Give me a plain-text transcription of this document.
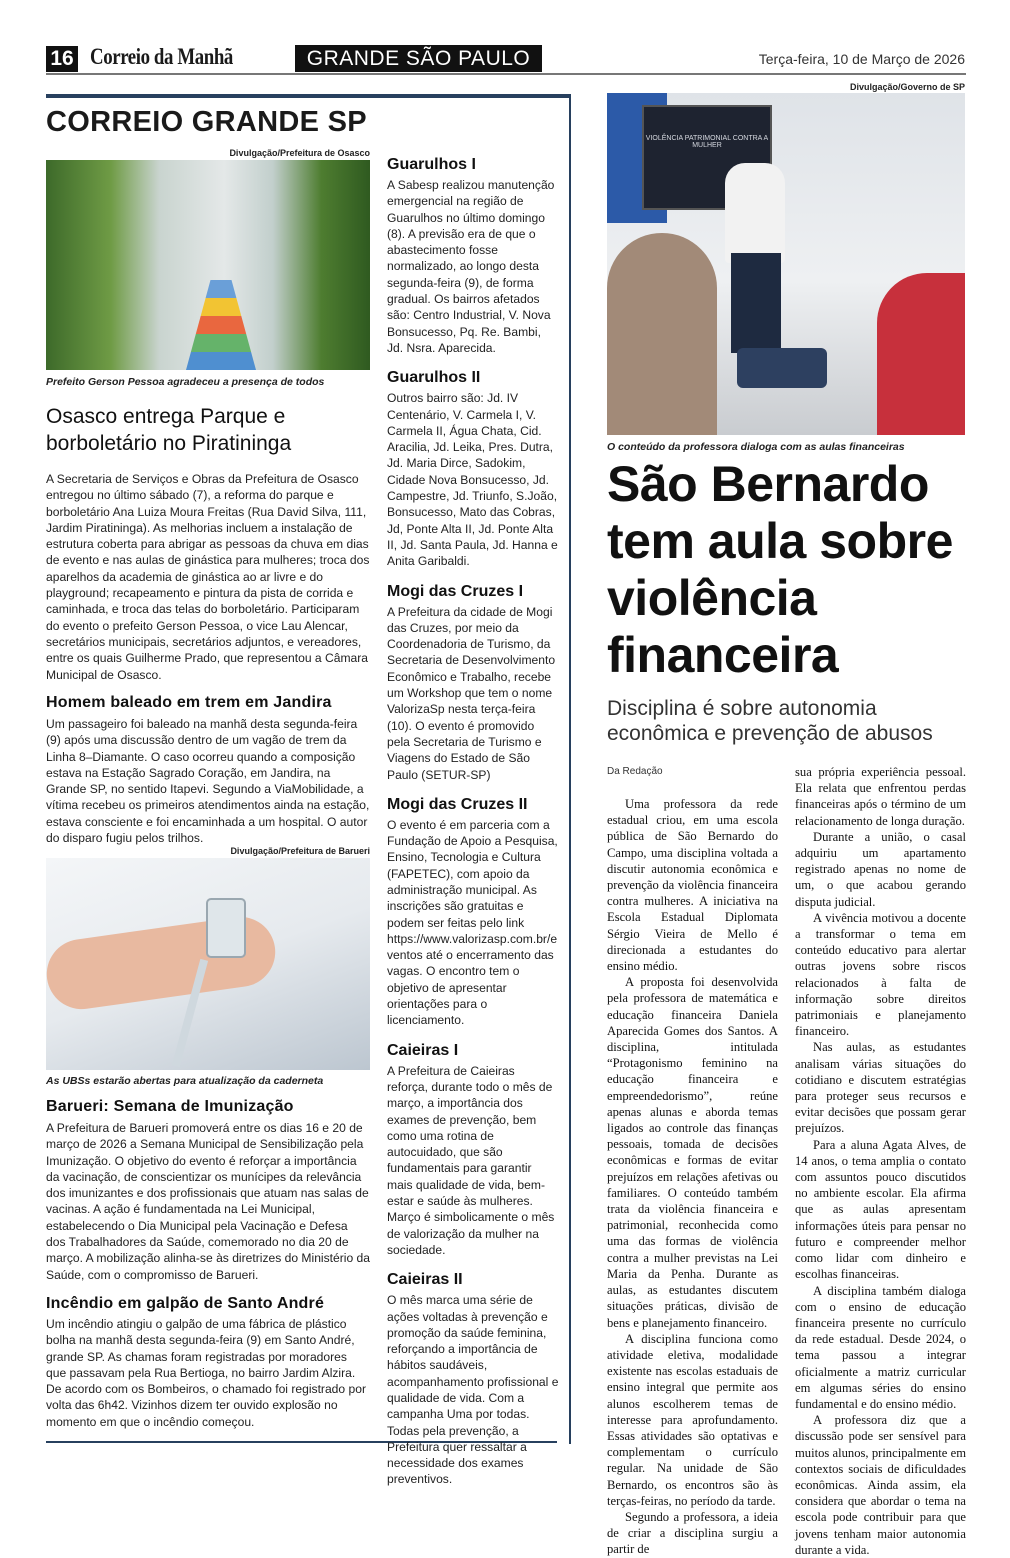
16 Correio da Manhã	GRANDE SÃO PAULO	Terça-feira, 10 de Março de 2026
CORREIO GRANDE SP
Divulgação/Prefeitura de Osasco
Prefeito Gerson Pessoa agradeceu a presença de todos
Osasco entrega Parque e borboletário no Piratininga
A Secretaria de Serviços e Obras da Prefeitura de Osasco entregou no último sábado (7), a reforma do parque e borboletário Ana Luiza Moura Freitas (Rua David Silva, 111, Jardim Piratininga). As melhorias incluem a instalação de estrutura coberta para abrigar as pessoas da chuva em dias de evento e nas aulas de ginástica para mulheres; troca dos aparelhos da academia de ginástica ao ar livre e do playground; recapeamento e pintura da pista de corrida e caminhada, e troca das telas do borboletário. Participaram do evento o prefeito Gerson Pessoa, o vice Lau Alencar, secretários municipais, secretários adjuntos, e vereadores, entre os quais Guilherme Prado, que representou a Câmara Municipal de Osasco.
Homem baleado em trem em Jandira
Um passageiro foi baleado na manhã desta segunda-feira (9) após uma discussão dentro de um vagão de trem da Linha 8–Diamante. O caso ocorreu quando a composição estava na Estação Sagrado Coração, em Jandira, na Grande SP, no sentido Itapevi. Segundo a ViaMobilidade, a vítima recebeu os primeiros atendimentos ainda na estação, estava consciente e foi encaminhada a um hospital. O autor do disparo fugiu pelos trilhos.
Divulgação/Prefeitura de Barueri
As UBSs estarão abertas para atualização da caderneta
Barueri: Semana de Imunização
A Prefeitura de Barueri promoverá entre os dias 16 e 20 de março de 2026 a Semana Municipal de Sensibilização pela Imunização. O objetivo do evento é reforçar a importância da vacinação, de conscientizar os munícipes da relevância dos imunizantes e dos profissionais que atuam nas salas de vacinas. A ação é fundamentada na Lei Municipal, estabelecendo o Dia Municipal pela Vacinação e Defesa dos Trabalhadores da Saúde, comemorado no dia 20 de março. A mobilização alinha-se às diretrizes do Ministério da Saúde, com o compromisso de Barueri.
Incêndio em galpão de Santo André
Um incêndio atingiu o galpão de uma fábrica de plástico bolha na manhã desta segunda-feira (9) em Santo André, grande SP. As chamas foram registradas por moradores que passavam pela Rua Bertioga, no bairro Jardim Alzira. De acordo com os Bombeiros, o chamado foi registrado por volta das 6h42. Vizinhos dizem ter ouvido explosão no momento em que o incêndio começou.
Guarulhos I
A Sabesp realizou manutenção emergencial na região de Guarulhos no último domingo (8). A previsão era de que o abastecimento fosse normalizado, ao longo desta segunda-feira (9), de forma gradual. Os bairros afetados são: Centro Industrial, V. Nova Bonsucesso, Pq. Re. Bambi, Jd. Nsra. Aparecida.
Guarulhos II
Outros bairro são: Jd. IV Centenário, V. Carmela I, V. Carmela II, Água Chata, Cid. Aracilia, Jd. Leika, Pres. Dutra, Jd. Maria Dirce, Sadokim, Cidade Nova Bonsucesso, Jd. Campestre, Jd. Triunfo, S.João, Bonsucesso, Mato das Cobras, Jd, Ponte Alta II, Jd. Ponte Alta II, Jd. Santa Paula, Jd. Hanna e Anita Garibaldi.
Mogi das Cruzes I
A Prefeitura da cidade de Mogi das Cruzes, por meio da Coordenadoria de Turismo, da Secretaria de Desenvolvimento Econômico e Trabalho, recebe um Workshop que tem o nome ValorizaSp nesta terça-feira (10). O evento é promovido pela Secretaria de Turismo e Viagens do Estado de São Paulo (SETUR-SP)
Mogi das Cruzes II
O evento é em parceria com a Fundação de Apoio a Pesquisa, Ensino, Tecnologia e Cultura (FAPETEC), com apoio da administração municipal. As inscrições são gratuitas e podem ser feitas pelo link https://www.valorizasp.com.br/eventos até o encerramento das vagas. O encontro tem o objetivo de apresentar orientações para o licenciamento.
Caieiras I
A Prefeitura de Caieiras reforça, durante todo o mês de março, a importância dos exames de prevenção, bem como uma rotina de autocuidado, que são fundamentais para garantir mais qualidade de vida, bem-estar e saúde às mulheres. Março é simbolicamente o mês de valorização da mulher na sociedade.
Caieiras II
O mês marca uma série de ações voltadas à prevenção e promoção da saúde feminina, reforçando a importância de hábitos saudáveis, acompanhamento profissional e qualidade de vida. Com a campanha Uma por todas. Todas pela prevenção, a Prefeitura quer ressaltar a necessidade dos exames preventivos.
Divulgação/Governo de SP
VIOLÊNCIA PATRIMONIAL CONTRA A MULHER
O conteúdo da professora dialoga com as aulas financeiras
São Bernardo tem aula sobre violência financeira
Disciplina é sobre autonomia econômica e prevenção de abusos
Da Redação

Uma professora da rede estadual criou, em uma escola pública de São Bernardo do Campo, uma disciplina voltada a discutir autonomia econômica e prevenção da violência financeira contra mulheres. A iniciativa na Escola Estadual Diplomata Sérgio Vieira de Mello é direcionada a estudantes do ensino médio.

A proposta foi desenvolvida pela professora de matemática e educação financeira Daniela Aparecida Gomes dos Santos. A disciplina, intitulada “Protagonismo feminino na educação financeira e empreendedorismo”, reúne apenas alunas e aborda temas ligados ao controle das finanças pessoais, tomada de decisões econômicas e formas de evitar prejuízos em relações afetivas ou familiares. O conteúdo também trata da violência financeira e patrimonial, reconhecida como uma das formas de violência contra a mulher previstas na Lei Maria da Penha. Durante as aulas, as estudantes discutem situações práticas, divisão de bens e planejamento financeiro.

A disciplina funciona como atividade eletiva, modalidade existente nas escolas estaduais de ensino integral que permite aos alunos escolherem temas de interesse para aprofundamento. Essas atividades são optativas e complementam o currículo regular. Na unidade de São Bernardo, os encontros são às terças-feiras, no período da tarde.

Segundo a professora, a ideia de criar a disciplina surgiu a partir de

sua própria experiência pessoal. Ela relata que enfrentou perdas financeiras após o término de um relacionamento de longa duração.

Durante a união, o casal adquiriu um apartamento registrado apenas no nome de um, o que acabou gerando disputa judicial.

A vivência motivou a docente a transformar o tema em conteúdo educativo para alertar outras jovens sobre riscos relacionados à falta de informação sobre direitos patrimoniais e planejamento financeiro.

Nas aulas, as estudantes analisam várias situações do cotidiano e discutem estratégias para proteger seus recursos e evitar decisões que possam gerar prejuízos.

Para a aluna Agata Alves, de 14 anos, o tema amplia o contato com assuntos pouco discutidos no ambiente escolar. Ela afirma que as aulas apresentam informações úteis para pensar no futuro e compreender melhor como lidar com dinheiro e escolhas financeiras.

A disciplina também dialoga com o ensino de educação financeira presente no currículo da rede estadual. Desde 2024, o tema passou a integrar oficialmente a matriz curricular em algumas séries do ensino fundamental e do ensino médio.

A professora diz que a discussão pode ser sensível para muitos alunos, principalmente em contextos sociais de dificuldades econômicas. Ainda assim, ela considera que abordar o tema na escola pode contribuir para que jovens tenham maior autonomia durante a vida.
